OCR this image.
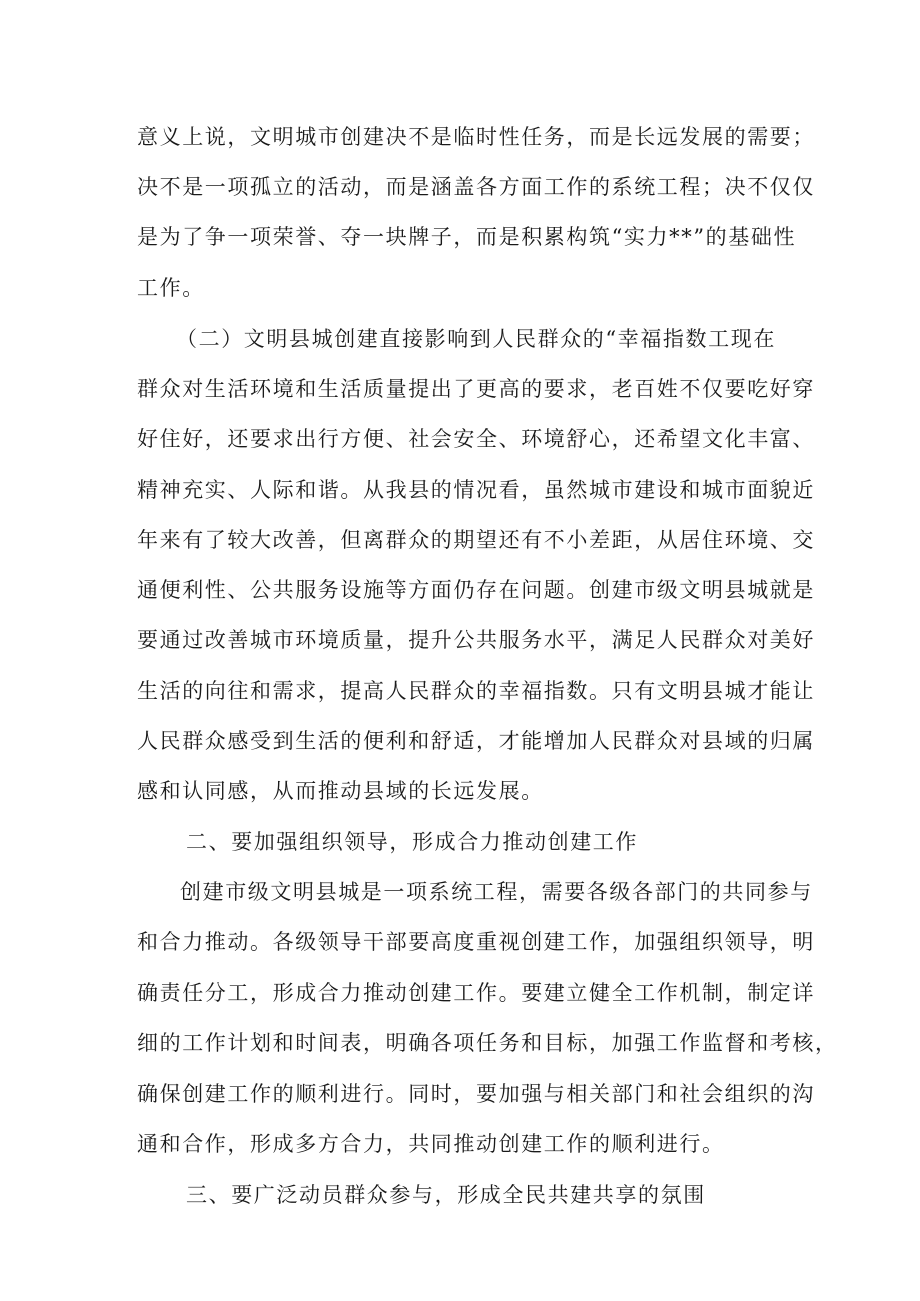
意义上说，文明城市创建决不是临时性任务，而是长远发展的需要；
决不是一项孤立的活动，而是涵盖各方面工作的系统工程；决不仅仅
是为了争一项荣誉、夺一块牌子，而是积累构筑“实力**”的基础性
工作。
（二）文明县城创建直接影响到人民群众的“幸福指数工现在
群众对生活环境和生活质量提出了更高的要求，老百姓不仅要吃好穿
好住好，还要求出行方便、社会安全、环境舒心，还希望文化丰富、
精神充实、人际和谐。从我县的情况看，虽然城市建设和城市面貌近
年来有了较大改善，但离群众的期望还有不小差距，从居住环境、交
通便利性、公共服务设施等方面仍存在问题。创建市级文明县城就是
要通过改善城市环境质量，提升公共服务水平，满足人民群众对美好
生活的向往和需求，提高人民群众的幸福指数。只有文明县城才能让
人民群众感受到生活的便利和舒适，才能增加人民群众对县域的归属
感和认同感，从而推动县域的长远发展。
二、要加强组织领导，形成合力推动创建工作
创建市级文明县城是一项系统工程，需要各级各部门的共同参与
和合力推动。各级领导干部要高度重视创建工作，加强组织领导，明
确责任分工，形成合力推动创建工作。要建立健全工作机制，制定详
细的工作计划和时间表，明确各项任务和目标，加强工作监督和考核，
确保创建工作的顺利进行。同时，要加强与相关部门和社会组织的沟
通和合作，形成多方合力，共同推动创建工作的顺利进行。
三、要广泛动员群众参与，形成全民共建共享的氛围
